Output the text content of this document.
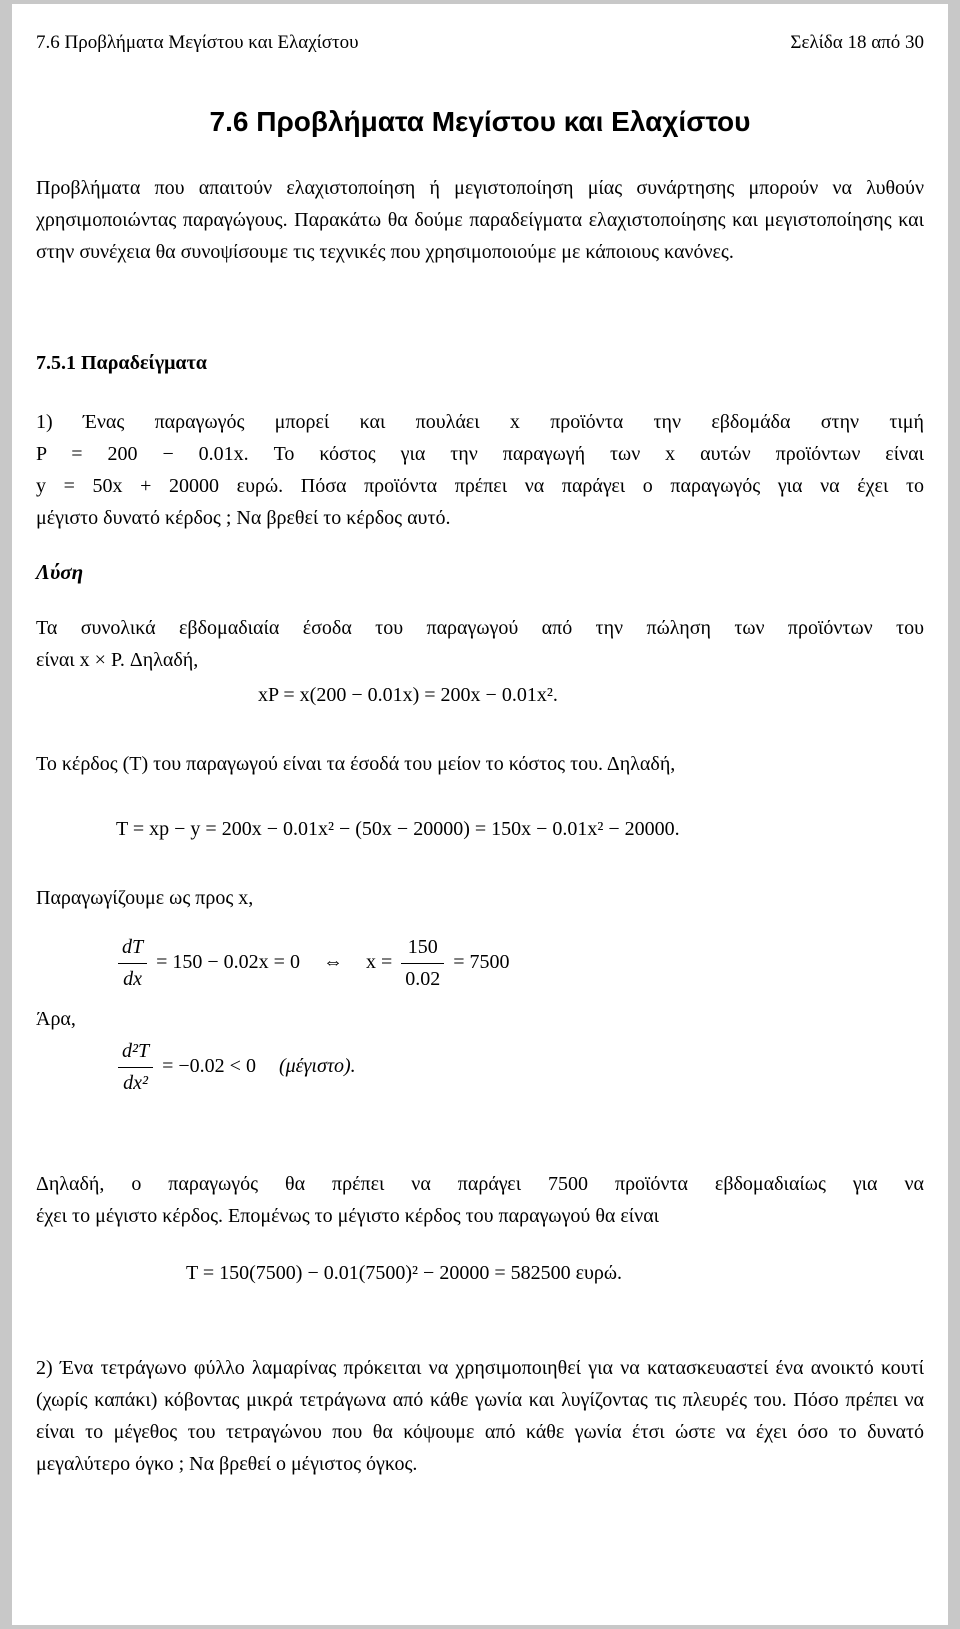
7.6 Προβλήματα Μεγίστου και Ελαχίστου	Σελίδα 18 από 30
7.6 Προβλήματα Μεγίστου και Ελαχίστου
Προβλήματα που απαιτούν ελαχιστοποίηση ή μεγιστοποίηση μίας συνάρτησης μπορούν να λυθούν χρησιμοποιώντας παραγώγους. Παρακάτω θα δούμε παραδείγματα ελαχιστοποίησης και μεγιστοποίησης και στην συνέχεια θα συνοψίσουμε τις τεχνικές που χρησιμοποιούμε με κάποιους κανόνες.
7.5.1 Παραδείγματα
1) Ένας παραγωγός μπορεί και πουλάει x προϊόντα την εβδομάδα στην τιμή
P = 200 − 0.01x. Το κόστος για την παραγωγή των x αυτών προϊόντων είναι
y = 50x + 20000 ευρώ. Πόσα προϊόντα πρέπει να παράγει ο παραγωγός για να έχει το
μέγιστο δυνατό κέρδος ; Να βρεθεί το κέρδος αυτό.
Λύση
Τα συνολικά εβδομαδιαία έσοδα του παραγωγού από την πώληση των προϊόντων του
είναι x × P. Δηλαδή,
xP = x(200 − 0.01x) = 200x − 0.01x².
Το κέρδος (T) του παραγωγού είναι τα έσοδά του μείον το κόστος του. Δηλαδή,
T = xp − y = 200x − 0.01x² − (50x − 20000) = 150x − 0.01x² − 20000.
Παραγωγίζουμε ως προς x,
$\frac{dT}{dx} = 150 - 0.02x = 0$ ⇔ $x = \frac{150}{0.02} = 7500$
Άρα,
$\frac{\text{d²T}}{\text{dx²}} = -0.02 < 0$ (μέγιστο).
Δηλαδή, ο παραγωγός θα πρέπει να παράγει 7500 προϊόντα εβδομαδιαίως για να
έχει το μέγιστο κέρδος. Επομένως το μέγιστο κέρδος του παραγωγού θα είναι
T = 150(7500) − 0.01(7500)² − 20000 = 582500 ευρώ.
2) Ένα τετράγωνο φύλλο λαμαρίνας πρόκειται να χρησιμοποιηθεί για να κατασκευαστεί ένα ανοικτό κουτί (χωρίς καπάκι) κόβοντας μικρά τετράγωνα από κάθε γωνία και λυγίζοντας τις πλευρές του. Πόσο πρέπει να είναι το μέγεθος του τετραγώνου που θα κόψουμε από κάθε γωνία έτσι ώστε να έχει όσο το δυνατό μεγαλύτερο όγκο ; Να βρεθεί ο μέγιστος όγκος.
